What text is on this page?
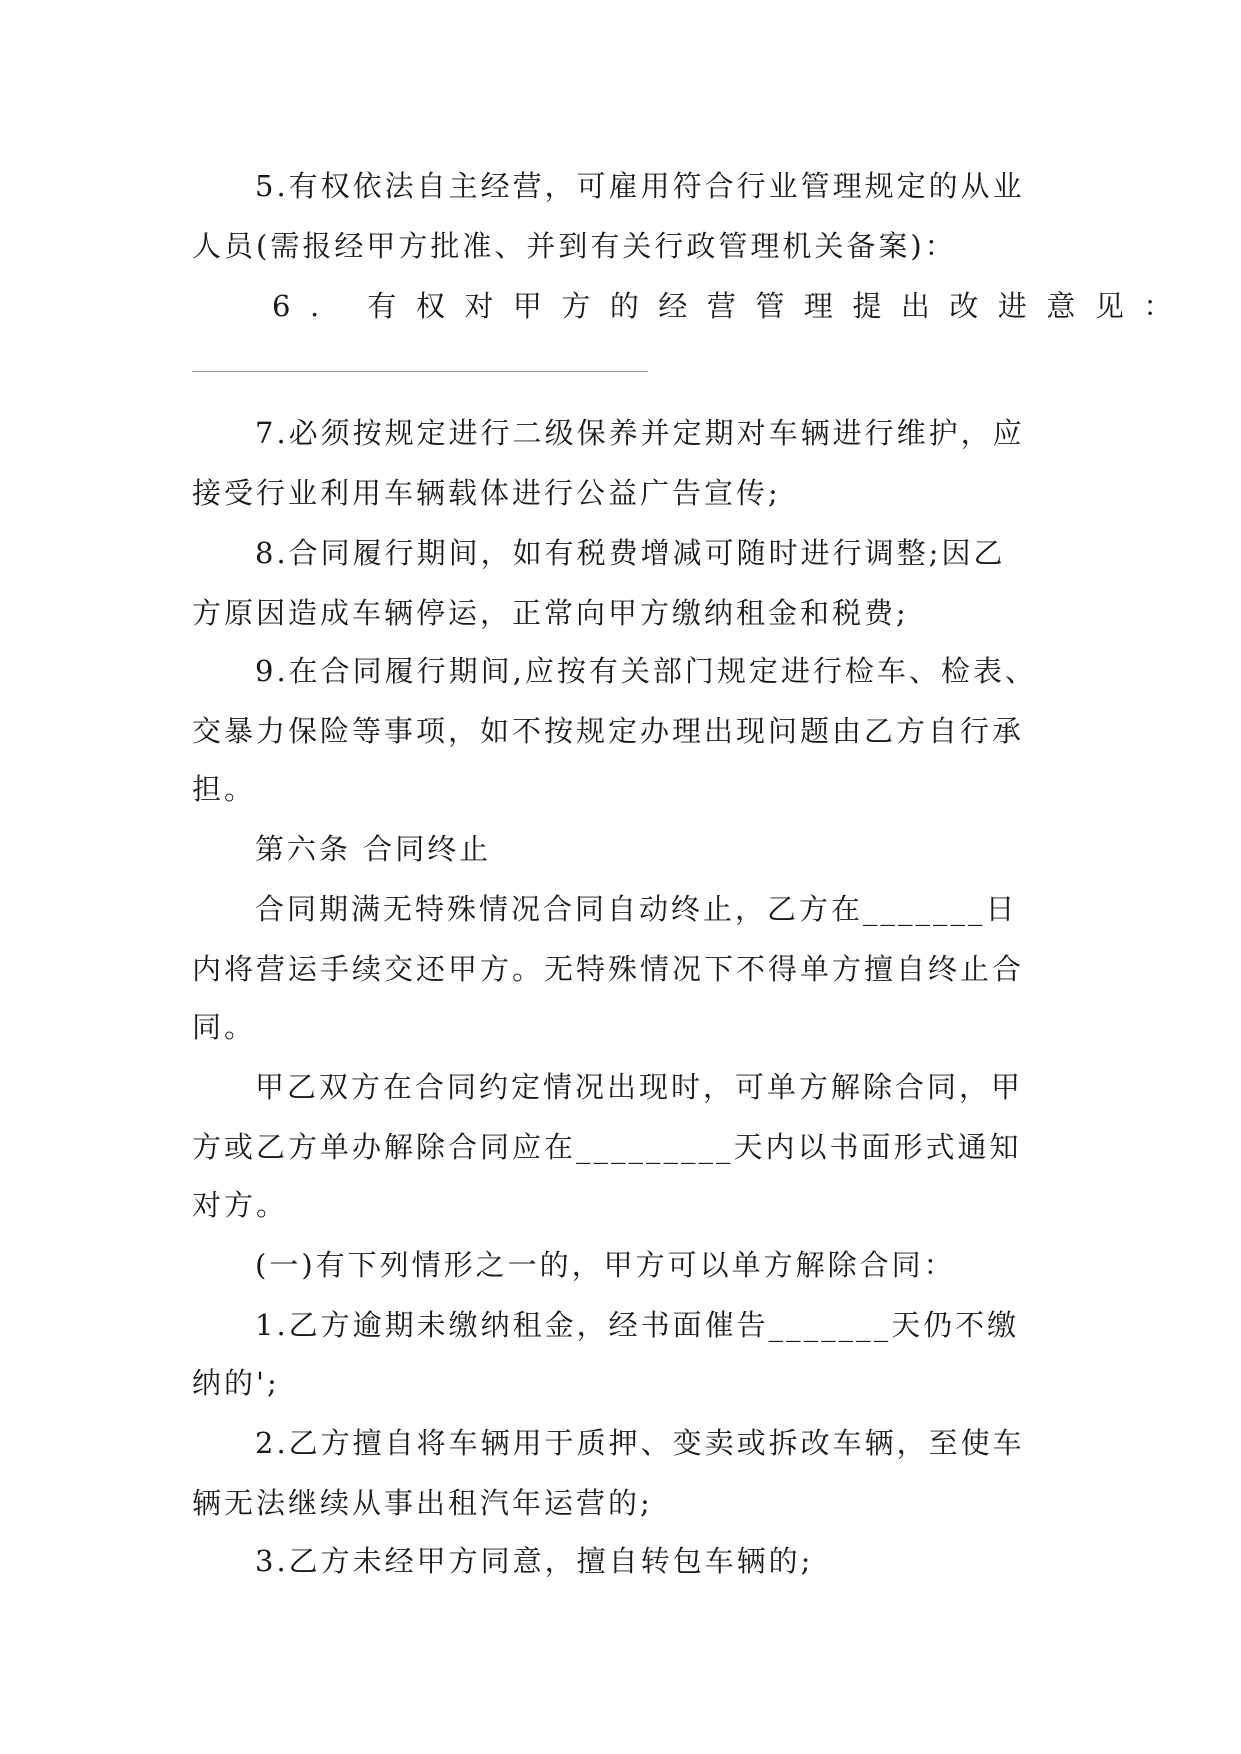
5.有权依法自主经营，可雇用符合行业管理规定的从业
人员(需报经甲方批准、并到有关行政管理机关备案)：
6. 有权对甲方的经营管理提出改进意见：
7.必须按规定进行二级保养并定期对车辆进行维护，应
接受行业利用车辆载体进行公益广告宣传;
8.合同履行期间，如有税费增减可随时进行调整;因乙
方原因造成车辆停运，正常向甲方缴纳租金和税费;
9.在合同履行期间,应按有关部门规定进行检车、检表、
交暴力保险等事项，如不按规定办理出现问题由乙方自行承
担。
第六条 合同终止
合同期满无特殊情况合同自动终止，乙方在_______日
内将营运手续交还甲方。无特殊情况下不得单方擅自终止合
同。
甲乙双方在合同约定情况出现时，可单方解除合同，甲
方或乙方单办解除合同应在_________天内以书面形式通知
对方。
(一)有下列情形之一的，甲方可以单方解除合同：
1.乙方逾期未缴纳租金，经书面催告_______天仍不缴
纳的';
2.乙方擅自将车辆用于质押、变卖或拆改车辆，至使车
辆无法继续从事出租汽年运营的;
3.乙方未经甲方同意，擅自转包车辆的;
